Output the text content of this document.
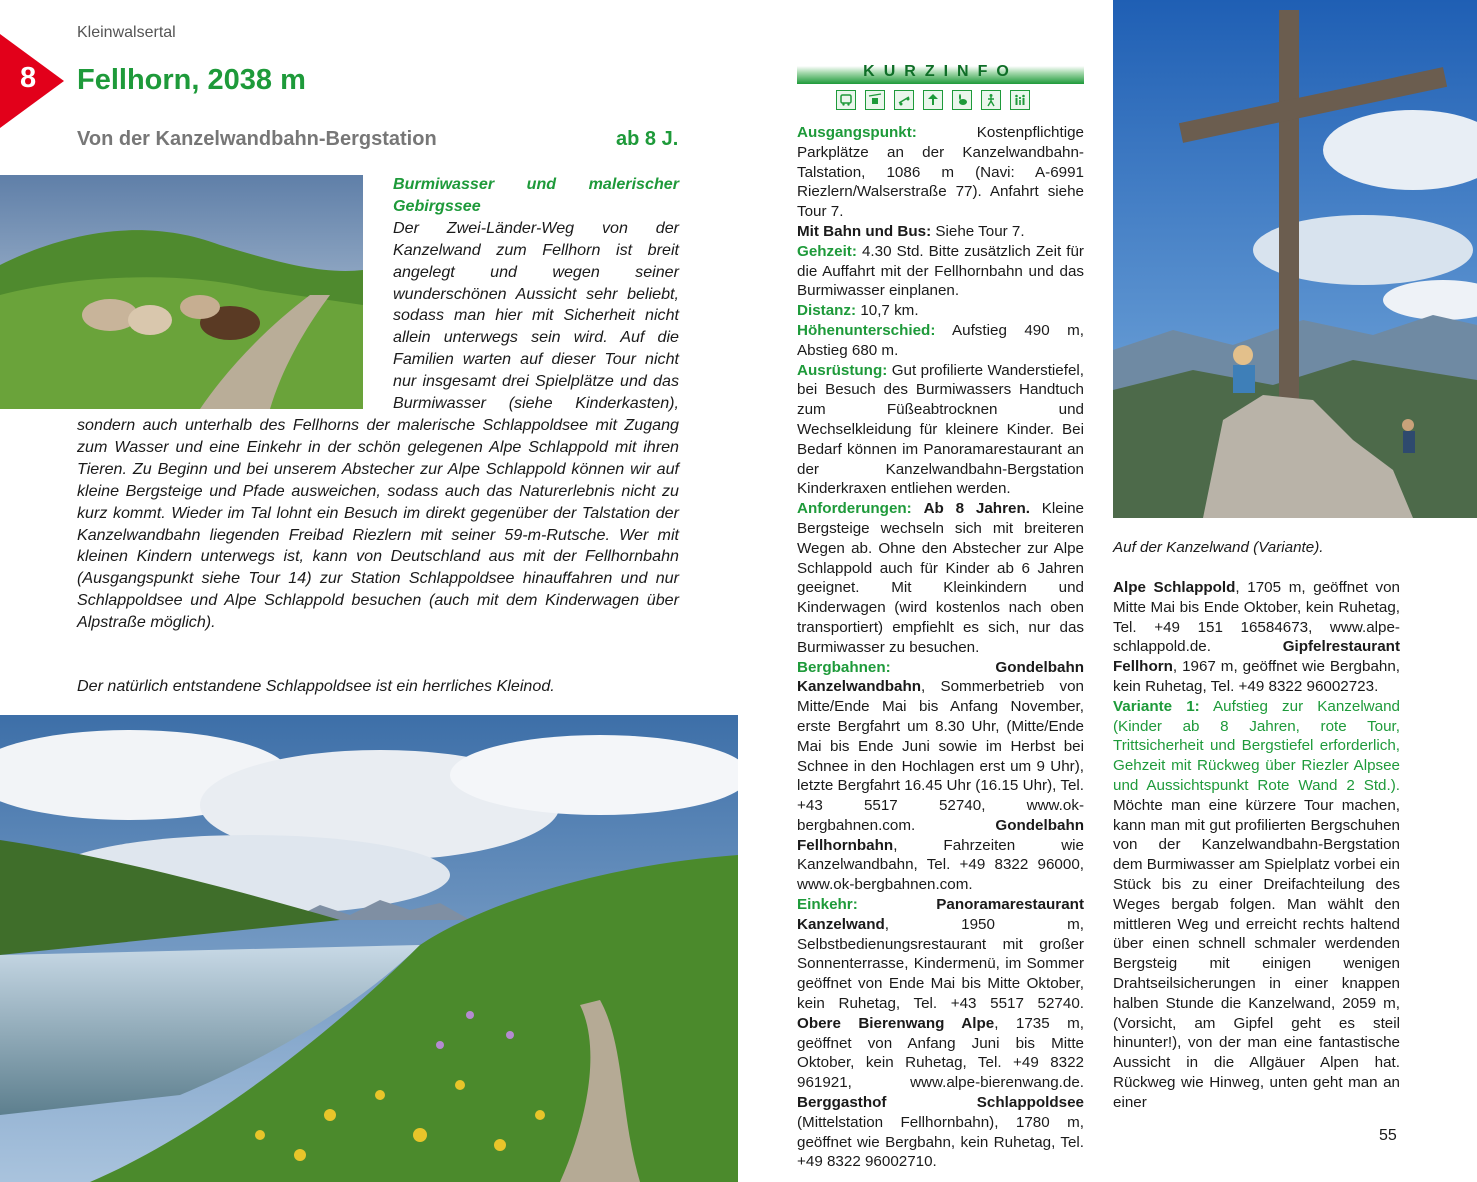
Kleinwalsertal
8 Fellhorn, 2038 m
Von der Kanzelwandbahn-Bergstation	ab 8 J.
Burmiwasser und malerischer Gebirgssee
Der Zwei-Länder-Weg von der Kanzelwand zum Fellhorn ist breit angelegt und wegen seiner wunderschönen Aussicht sehr beliebt, sodass man hier mit Sicherheit nicht allein unterwegs sein wird. Auf die Familien warten auf dieser Tour nicht nur insgesamt drei Spielplätze und das Burmiwasser (siehe Kinderkasten), sondern auch unterhalb des Fellhorns der malerische Schlappoldsee mit Zugang zum Wasser und eine Einkehr in der schön gelegenen Alpe Schlappold mit ihren Tieren. Zu Beginn und bei unserem Abstecher zur Alpe Schlappold können wir auf kleine Bergsteige und Pfade ausweichen, sodass auch das Naturerlebnis nicht zu kurz kommt. Wieder im Tal lohnt ein Besuch im direkt gegenüber der Talstation der Kanzelwandbahn liegenden Freibad Riezlern mit seiner 59-m-Rutsche. Wer mit kleinen Kindern unterwegs ist, kann von Deutschland aus mit der Fellhornbahn (Ausgangspunkt siehe Tour 14) zur Station Schlappoldsee hinauffahren und nur Schlappoldsee und Alpe Schlappold besuchen (auch mit dem Kinderwagen über Alpstraße möglich).
Der natürlich entstandene Schlappoldsee ist ein herrliches Kleinod.
KURZINFO

Ausgangspunkt:	Kostenpflichtige Parkplätze an der Kanzelwandbahn-Talstation, 1086 m (Navi: A-6991 Riezlern/Walserstraße 77). Anfahrt siehe Tour 7.

Mit Bahn und Bus: Siehe Tour 7.

Gehzeit: 4.30 Std. Bitte zusätzlich Zeit für die Auffahrt mit der Fellhornbahn und das Burmiwasser einplanen.

Distanz: 10,7 km.

Höhenunterschied: Aufstieg 490 m, Abstieg 680 m.

Ausrüstung: Gut profilierte Wanderstiefel, bei Besuch des Burmiwassers Handtuch zum Füßeabtrocknen und Wechselkleidung für kleinere Kinder. Bei Bedarf können im Panoramarestaurant an der Kanzelwandbahn-Bergstation Kinderkraxen entliehen werden.

Anforderungen: Ab 8 Jahren. Kleine Bergsteige wechseln sich mit breiteren Wegen ab. Ohne den Abstecher zur Alpe Schlappold auch für Kinder ab 6 Jahren geeignet. Mit Kleinkindern und Kinderwagen (wird kostenlos nach oben transportiert) empfiehlt es sich, nur das Burmiwasser zu besuchen.

Bergbahnen:	Gondelbahn Kanzelwandbahn, Sommerbetrieb von Mitte/Ende Mai bis Anfang November, erste Bergfahrt um 8.30 Uhr, (Mitte/Ende Mai bis Ende Juni sowie im Herbst bei Schnee in den Hochlagen erst um 9 Uhr), letzte Bergfahrt 16.45 Uhr (16.15 Uhr), Tel. +43 5517 52740, www.ok-bergbahnen.com.	Gondelbahn Fellhornbahn, Fahrzeiten wie Kanzelwandbahn, Tel. +49 8322 96000, www.ok-bergbahnen.com.

Einkehr:	Panoramarestaurant Kanzelwand, 1950 m, Selbstbedienungsrestaurant mit großer Sonnenterrasse, Kindermenü, im Sommer geöffnet von Ende Mai bis Mitte Oktober, kein Ruhetag, Tel. +43 5517 52740. Obere Bierenwang Alpe, 1735 m, geöffnet von Anfang Juni bis Mitte Oktober, kein Ruhetag, Tel. +49 8322 961921, www.alpe-bierenwang.de. Berggasthof Schlappoldsee (Mittelstation Fellhornbahn), 1780 m, geöffnet wie Bergbahn, kein Ruhetag, Tel. +49 8322 96002710.

Auf der Kanzelwand (Variante).

Alpe Schlappold, 1705 m, geöffnet von Mitte Mai bis Ende Oktober, kein Ruhetag, Tel. +49 151 16584673, www.alpe-schlappold.de.	Gipfelrestaurant Fellhorn, 1967 m, geöffnet wie Bergbahn, kein Ruhetag, Tel. +49 8322 96002723.

Variante 1: Aufstieg zur Kanzelwand (Kinder ab 8 Jahren, rote Tour, Trittsicherheit und Bergstiefel erforderlich, Gehzeit mit Rückweg über Riezler Alpsee und Aussichtspunkt Rote Wand 2 Std.). Möchte man eine kürzere Tour machen, kann man mit gut profilierten Bergschuhen von der Kanzelwandbahn-Bergstation dem Burmiwasser am Spielplatz vorbei ein Stück bis zu einer Dreifachteilung des Weges bergab folgen. Man wählt den mittleren Weg und erreicht rechts haltend über einen schnell schmaler werdenden Bergsteig mit einigen wenigen Drahtseilsicherungen in einer knappen halben Stunde die Kanzelwand, 2059 m, (Vorsicht, am Gipfel geht es steil hinunter!), von der man eine fantastische Aussicht in die Allgäuer Alpen hat. Rückweg wie Hinweg, unten geht man an einer

55
